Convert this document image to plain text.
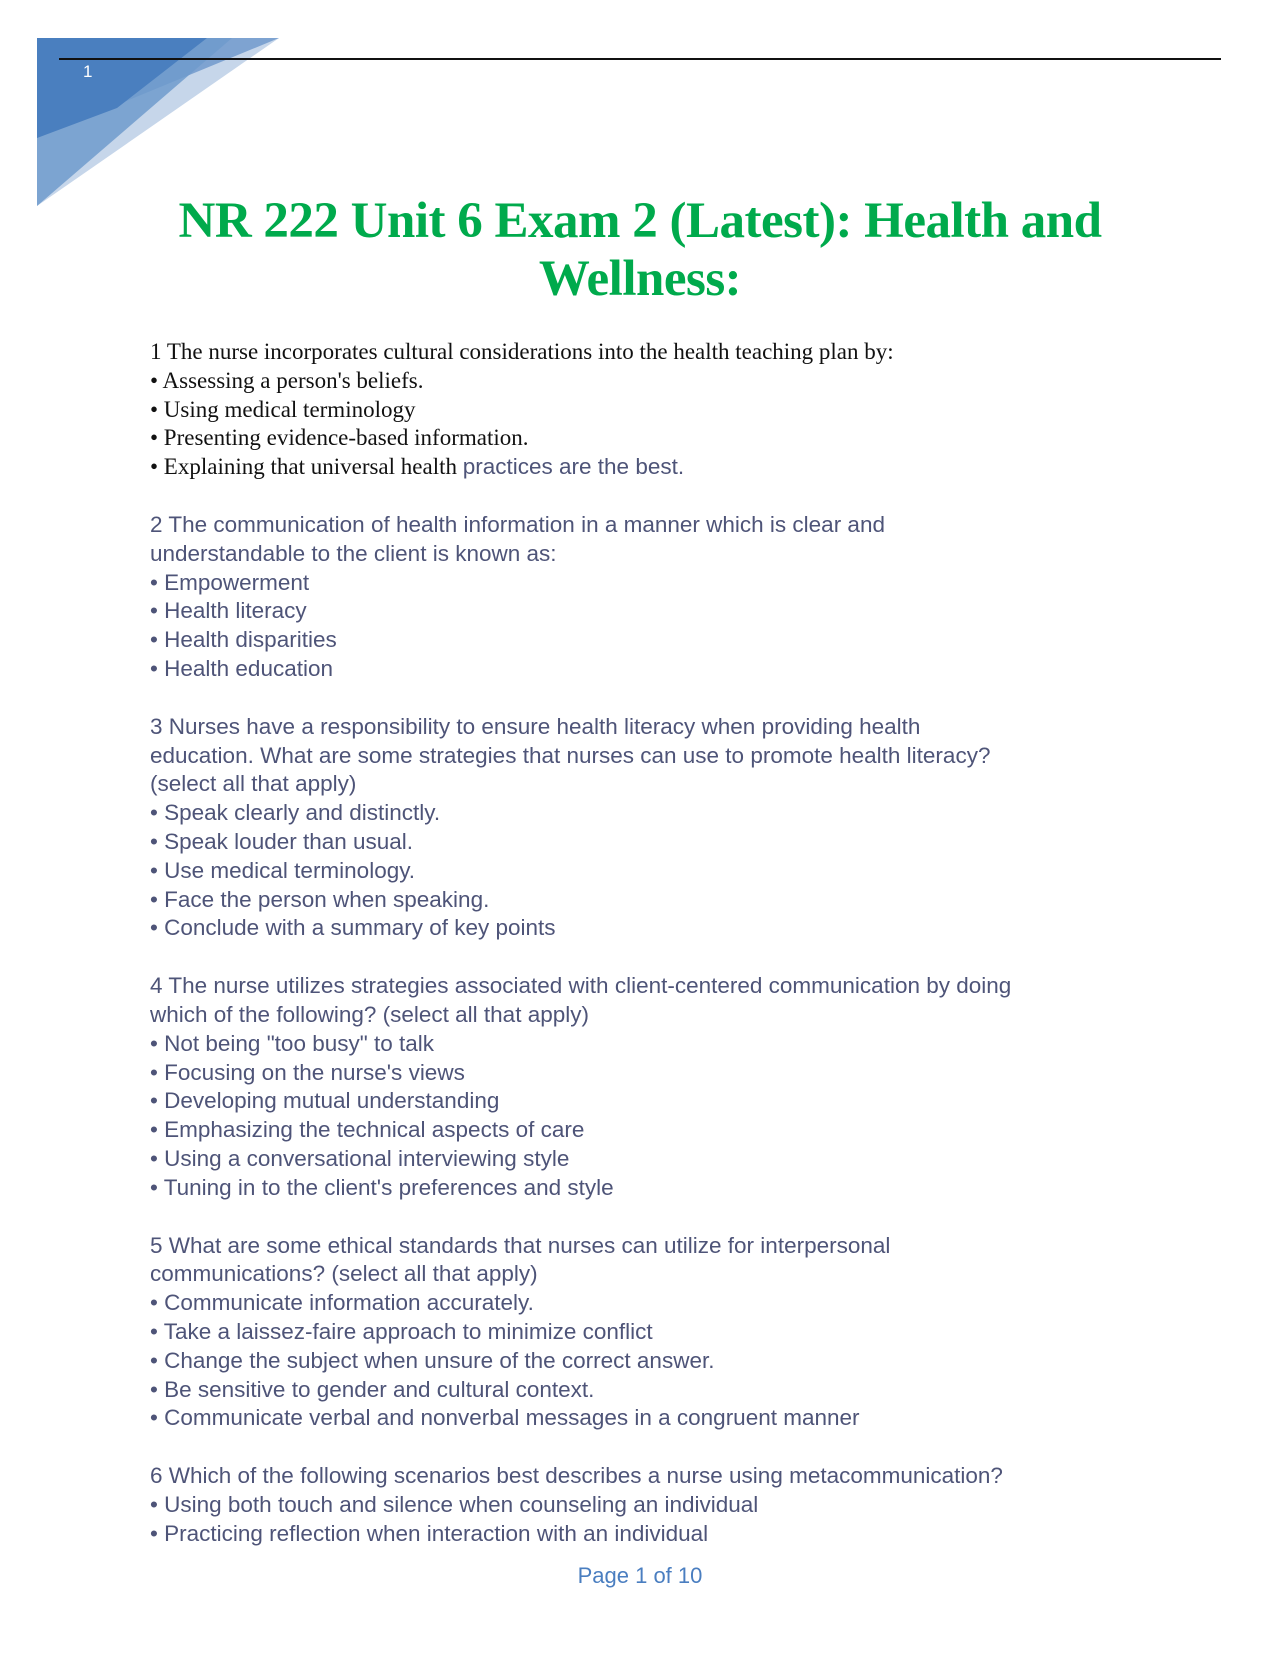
1
NR 222 Unit 6 Exam 2 (Latest): Health and Wellness:
1 The nurse incorporates cultural considerations into the health teaching plan by:
• Assessing a person's beliefs.
• Using medical terminology
• Presenting evidence-based information.
• Explaining that universal health practices are the best.
2 The communication of health information in a manner which is clear and
understandable to the client is known as:
• Empowerment
• Health literacy
• Health disparities
• Health education
3 Nurses have a responsibility to ensure health literacy when providing health
education. What are some strategies that nurses can use to promote health literacy?
(select all that apply)
• Speak clearly and distinctly.
• Speak louder than usual.
• Use medical terminology.
• Face the person when speaking.
• Conclude with a summary of key points
4 The nurse utilizes strategies associated with client-centered communication by doing
which of the following? (select all that apply)
• Not being "too busy" to talk
• Focusing on the nurse's views
• Developing mutual understanding
• Emphasizing the technical aspects of care
• Using a conversational interviewing style
• Tuning in to the client's preferences and style
5 What are some ethical standards that nurses can utilize for interpersonal
communications? (select all that apply)
• Communicate information accurately.
• Take a laissez-faire approach to minimize conflict
• Change the subject when unsure of the correct answer.
• Be sensitive to gender and cultural context.
• Communicate verbal and nonverbal messages in a congruent manner
6 Which of the following scenarios best describes a nurse using metacommunication?
• Using both touch and silence when counseling an individual
• Practicing reflection when interaction with an individual
Page 1 of 10
